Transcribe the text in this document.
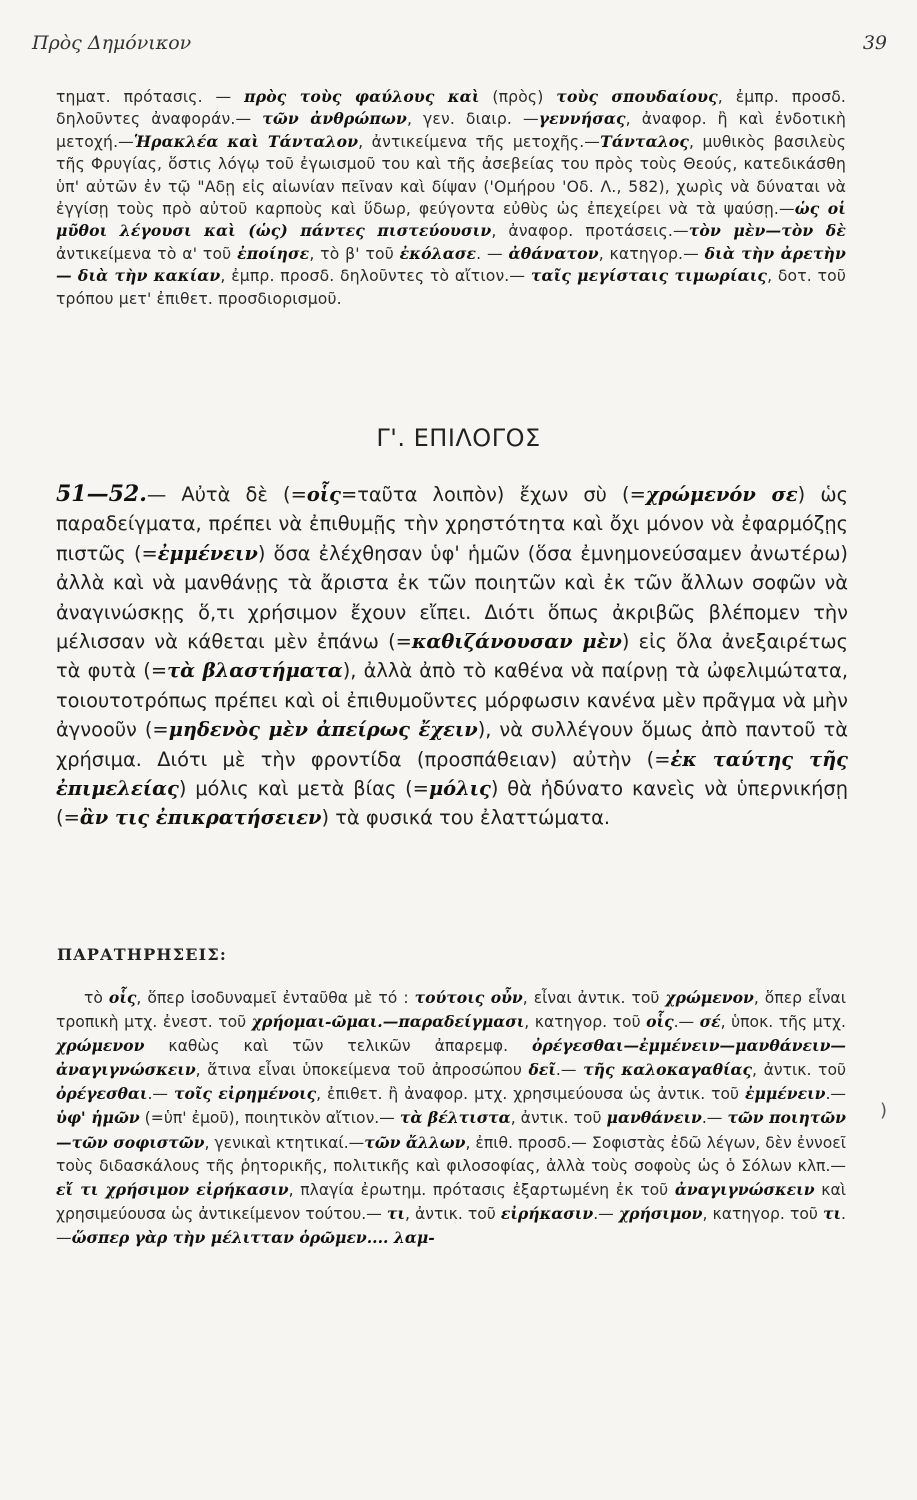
Πρὸς Δημόνικον	39

τηματ. πρότασις. — πρὸς τοὺς φαύλους καὶ (πρὸς) τοὺς σπουδαίους, ἐμπρ. προσδ. δηλοῦντες ἀναφοράν.— τῶν ἀνθρώπων, γεν. διαιρ. —γεννήσας, ἀναφορ. ἢ καὶ ἐνδοτικὴ μετοχή.—Ἡρακλέα καὶ Τάνταλον, ἀντικείμενα τῆς μετοχῆς.—Τάνταλος, μυθικὸς βασιλεὺς τῆς Φρυγίας, ὅστις λόγῳ τοῦ ἐγωισμοῦ του καὶ τῆς ἀσεβείας του πρὸς τοὺς Θεούς, κατεδικάσθη ὑπ' αὐτῶν ἐν τῷ "Αδῃ εἰς αἰωνίαν πεῖναν καὶ δίψαν ('Ομήρου 'Οδ. Λ., 582), χωρὶς νὰ δύναται νὰ ἐγγίσῃ τοὺς πρὸ αὐτοῦ καρποὺς καὶ ὕδωρ, φεύγοντα εὐθὺς ὡς ἐπεχείρει νὰ τὰ ψαύσῃ.—ὡς οἱ μῦθοι λέγουσι καὶ (ὡς) πάντες πιστεύουσιν, ἀναφορ. προτάσεις.—τὸν μὲν—τὸν δὲ ἀντικείμενα τὸ α' τοῦ ἐποίησε, τὸ β' τοῦ ἐκόλασε. — ἀθάνατον, κατηγορ.— διὰ τὴν ἀρετὴν— διὰ τὴν κακίαν, ἐμπρ. προσδ. δηλοῦντες τὸ αἴτιον.— ταῖς μεγίσταις τιμωρίαις, δοτ. τοῦ τρόπου μετ' ἐπιθετ. προσδιορισμοῦ.

Γ'. ΕΠΙΛΟΓΟΣ

51—52.— Αὐτὰ δὲ (=οἷς=ταῦτα λοιπὸν) ἔχων σὺ (=χρώμενόν σε) ὡς παραδείγματα, πρέπει νὰ ἐπιθυμῇς τὴν χρηστότητα καὶ ὄχι μόνον νὰ ἐφαρμόζῃς πιστῶς (=ἐμμένειν) ὅσα ἐλέχθησαν ὑφ' ἡμῶν (ὅσα ἐμνημονεύσαμεν ἀνωτέρω) ἀλλὰ καὶ νὰ μανθάνῃς τὰ ἄριστα ἐκ τῶν ποιητῶν καὶ ἐκ τῶν ἄλλων σοφῶν νὰ ἀναγινώσκῃς ὅ,τι χρήσιμον ἔχουν εἴπει. Διότι ὅπως ἀκριβῶς βλέπομεν τὴν μέλισσαν νὰ κάθεται μὲν ἐπάνω (=καθιζάνουσαν μὲν) εἰς ὅλα ἀνεξαιρέτως τὰ φυτὰ (=τὰ βλαστήματα), ἀλλὰ ἀπὸ τὸ καθένα νὰ παίρνῃ τὰ ὠφελιμώτατα, τοιουτοτρόπως πρέπει καὶ οἱ ἐπιθυμοῦντες μόρφωσιν κανένα μὲν πρᾶγμα νὰ μὴν ἀγνοοῦν (=μηδενὸς μὲν ἀπείρως ἔχειν), νὰ συλλέγουν ὅμως ἀπὸ παντοῦ τὰ χρήσιμα. Διότι μὲ τὴν φροντίδα (προσπάθειαν) αὐτὴν (=ἐκ ταύτης τῆς ἐπιμελείας) μόλις καὶ μετὰ βίας (=μόλις) θὰ ἠδύνατο κανεὶς νὰ ὑπερνικήσῃ (=ἂν τις ἐπικρατήσειεν) τὰ φυσικά του ἐλαττώματα.

ΠΑΡΑΤΗΡΗΣΕΙΣ:

τὸ οἷς, ὅπερ ἰσοδυναμεῖ ἐνταῦθα μὲ τό : τούτοις οὖν, εἶναι ἀντικ. τοῦ χρώμενον, ὅπερ εἶναι τροπικὴ μτχ. ἐνεστ. τοῦ χρήομαι-ῶμαι.—παραδείγμασι, κατηγορ. τοῦ οἷς.— σέ, ὑποκ. τῆς μτχ. χρώμενον καθὼς καὶ τῶν τελικῶν ἀπαρεμφ. ὀρέγεσθαι—ἐμμένειν—μανθάνειν—ἀναγιγνώσκειν, ἅτινα εἶναι ὑποκείμενα τοῦ ἀπροσώπου δεῖ.— τῆς καλοκαγαθίας, ἀντικ. τοῦ ὀρέγεσθαι.— τοῖς εἰρημένοις, ἐπιθετ. ἢ ἀναφορ. μτχ. χρησιμεύουσα ὡς ἀντικ. τοῦ ἐμμένειν.— ὑφ' ἡμῶν (=ὑπ' ἐμοῦ), ποιητικὸν αἴτιον.— τὰ βέλτιστα, ἀντικ. τοῦ μανθάνειν.— τῶν ποιητῶν—τῶν σοφιστῶν, γενικαὶ κτητικαί.—τῶν ἄλλων, ἐπιθ. προσδ.— Σοφιστὰς ἐδῶ λέγων, δὲν ἐννοεῖ τοὺς διδασκάλους τῆς ῥητορικῆς, πολιτικῆς καὶ φιλοσοφίας, ἀλλὰ τοὺς σοφοὺς ὡς ὁ Σόλων κλπ.— εἴ τι χρήσιμον εἰρήκασιν, πλαγία ἐρωτημ. πρότασις ἐξαρτωμένη ἐκ τοῦ ἀναγιγνώσκειν καὶ χρησιμεύουσα ὡς ἀντικείμενον τούτου.— τι, ἀντικ. τοῦ εἰρήκασιν.— χρήσιμον, κατηγορ. τοῦ τι.—ὥσπερ γὰρ τὴν μέλιτταν ὁρῶμεν.... λαμ-

)
